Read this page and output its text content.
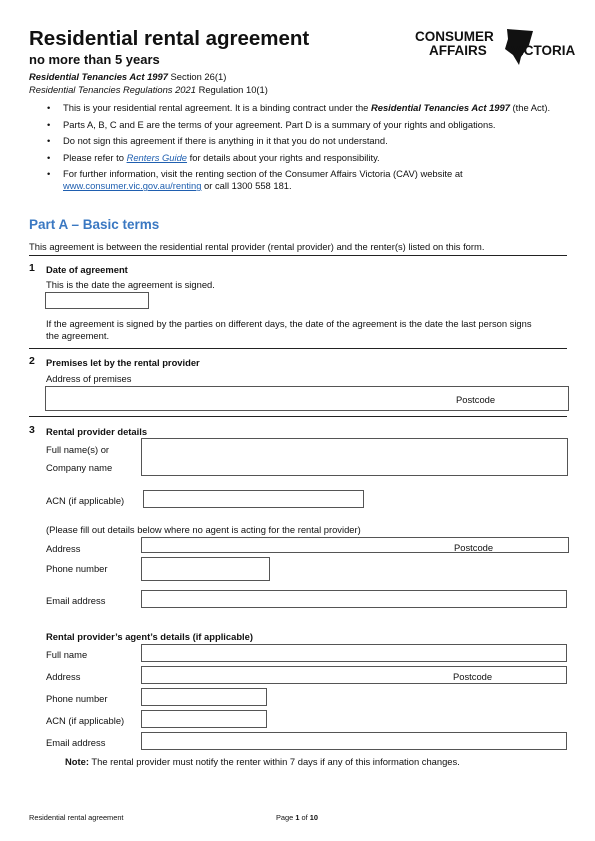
Residential rental agreement
no more than 5 years
Residential Tenancies Act 1997 Section 26(1)
Residential Tenancies Regulations 2021 Regulation 10(1)
CONSUMER
AFFAIRS VICTORIA
• This is your residential rental agreement. It is a binding contract under the Residential Tenancies Act 1997 (the Act).
• Parts A, B, C and E are the terms of your agreement. Part D is a summary of your rights and obligations.
• Do not sign this agreement if there is anything in it that you do not understand.
• Please refer to Renters Guide for details about your rights and responsibility.
• For further information, visit the renting section of the Consumer Affairs Victoria (CAV) website at www.consumer.vic.gov.au/renting or call 1300 558 181.
Part A – Basic terms
This agreement is between the residential rental provider (rental provider) and the renter(s) listed on this form.
1 Date of agreement
This is the date the agreement is signed.
If the agreement is signed by the parties on different days, the date of the agreement is the date the last person signs
the agreement.
2 Premises let by the rental provider
Address of premises
Postcode
3 Rental provider details
Full name(s) or
Company name
ACN (if applicable)
(Please fill out details below where no agent is acting for the rental provider)
Address	Postcode
Phone number
Email address
Rental provider’s agent’s details (if applicable)
Full name
Address	Postcode
Phone number
ACN (if applicable)
Email address
Note: The rental provider must notify the renter within 7 days if any of this information changes.
Residential rental agreement	Page 1 of 10
